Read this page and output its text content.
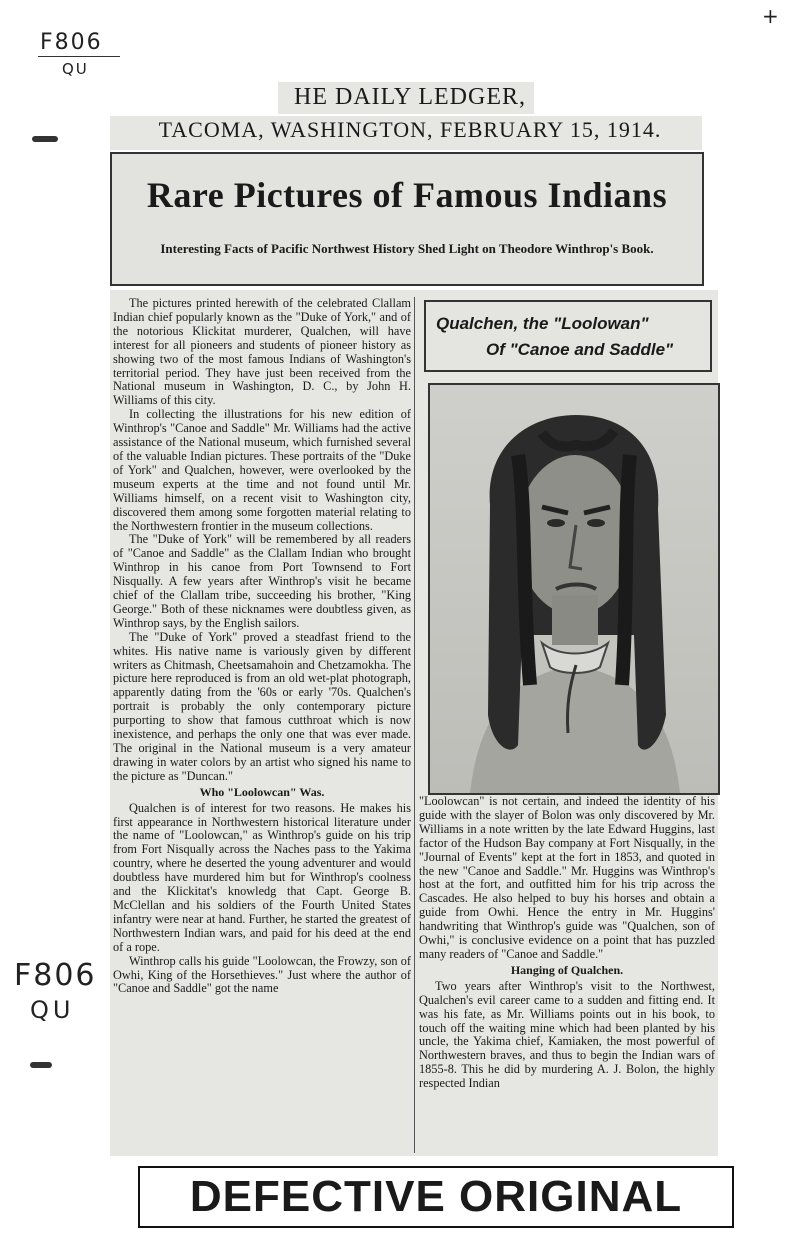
F806
QU
+
F806
QU
HE DAILY LEDGER,
TACOMA, WASHINGTON, FEBRUARY 15, 1914.
Rare Pictures of Famous Indians
Interesting Facts of Pacific Northwest History Shed Light on Theodore Winthrop's Book.

The pictures printed herewith of the celebrated Clallam Indian chief popularly known as the "Duke of York," and of the notorious Klickitat murderer, Qualchen, will have interest for all pioneers and students of pioneer history as showing two of the most famous Indians of Washington's territorial period. They have just been received from the National museum in Washington, D. C., by John H. Williams of this city.

In collecting the illustrations for his new edition of Winthrop's "Canoe and Saddle" Mr. Williams had the active assistance of the National museum, which furnished several of the valuable Indian pictures. These portraits of the "Duke of York" and Qualchen, however, were overlooked by the museum experts at the time and not found until Mr. Williams himself, on a recent visit to Washington city, discovered them among some forgotten material relating to the Northwestern frontier in the museum collections.

The "Duke of York" will be remembered by all readers of "Canoe and Saddle" as the Clallam Indian who brought Winthrop in his canoe from Port Townsend to Fort Nisqually. A few years after Winthrop's visit he became chief of the Clallam tribe, succeeding his brother, "King George." Both of these nicknames were doubtless given, as Winthrop says, by the English sailors.

The "Duke of York" proved a steadfast friend to the whites. His native name is variously given by different writers as Chitmash, Cheetsamahoin and Chetzamokha. The picture here reproduced is from an old wet-plat photograph, apparently dating from the '60s or early '70s. Qualchen's portrait is probably the only contemporary picture purporting to show that famous cutthroat which is now inexistence, and perhaps the only one that was ever made. The original in the National museum is a very amateur drawing in water colors by an artist who signed his name to the picture as "Duncan."

Who "Loolowcan" Was.

Qualchen is of interest for two reasons. He makes his first appearance in Northwestern historical literature under the name of "Loolowcan," as Winthrop's guide on his trip from Fort Nisqually across the Naches pass to the Yakima country, where he deserted the young adventurer and would doubtless have murdered him but for Winthrop's coolness and the Klickitat's knowledg that Capt. George B. McClellan and his soldiers of the Fourth United States infantry were near at hand. Further, he started the greatest of Northwestern Indian wars, and paid for his deed at the end of a rope.

Winthrop calls his guide "Loolowcan, the Frowzy, son of Owhi, King of the Horsethieves." Just where the author of "Canoe and Saddle" got the name

Qualchen, the "Loolowan"
Of "Canoe and Saddle"

"Loolowcan" is not certain, and indeed the identity of his guide with the slayer of Bolon was only discovered by Mr. Williams in a note written by the late Edward Huggins, last factor of the Hudson Bay company at Fort Nisqually, in the "Journal of Events" kept at the fort in 1853, and quoted in the new "Canoe and Saddle." Mr. Huggins was Winthrop's host at the fort, and outfitted him for his trip across the Cascades. He also helped to buy his horses and obtain a guide from Owhi. Hence the entry in Mr. Huggins' handwriting that Winthrop's guide was "Qualchen, son of Owhi," is conclusive evidence on a point that has puzzled many readers of "Canoe and Saddle."

Hanging of Qualchen.

Two years after Winthrop's visit to the Northwest, Qualchen's evil career came to a sudden and fitting end. It was his fate, as Mr. Williams points out in his book, to touch off the waiting mine which had been planted by his uncle, the Yakima chief, Kamiaken, the most powerful of Northwestern braves, and thus to begin the Indian wars of 1855-8. This he did by murdering A. J. Bolon, the highly respected Indian

DEFECTIVE ORIGINAL
